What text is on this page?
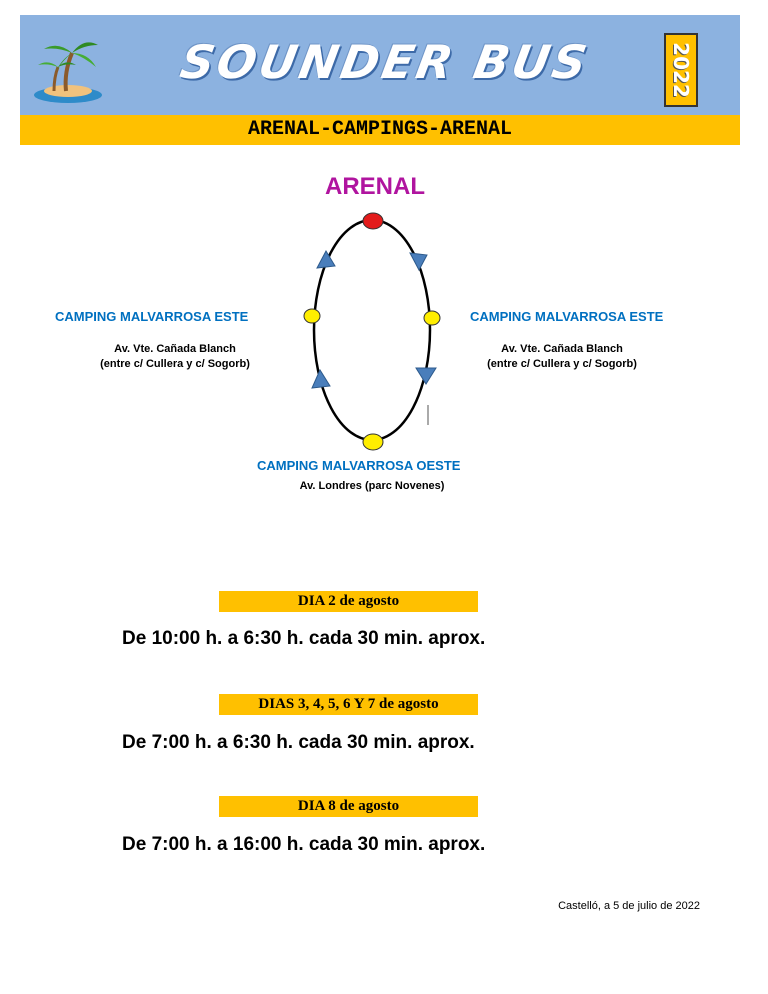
SOUNDER BUS	2022
ARENAL-CAMPINGS-ARENAL
ARENAL
CAMPING MALVARROSA ESTE
Av. Vte. Cañada Blanch
(entre c/ Cullera y c/ Sogorb)
CAMPING MALVARROSA ESTE
Av. Vte. Cañada Blanch
(entre c/ Cullera y c/ Sogorb)
CAMPING MALVARROSA OESTE
Av. Londres (parc Novenes)
DIA 2 de agosto
De 10:00 h. a 6:30 h. cada 30 min. aprox.
DIAS 3, 4, 5, 6 Y 7 de agosto
De 7:00 h. a 6:30 h. cada 30 min. aprox.
DIA 8 de agosto
De 7:00 h. a 16:00 h. cada 30 min. aprox.
Castelló, a 5 de julio de 2022
